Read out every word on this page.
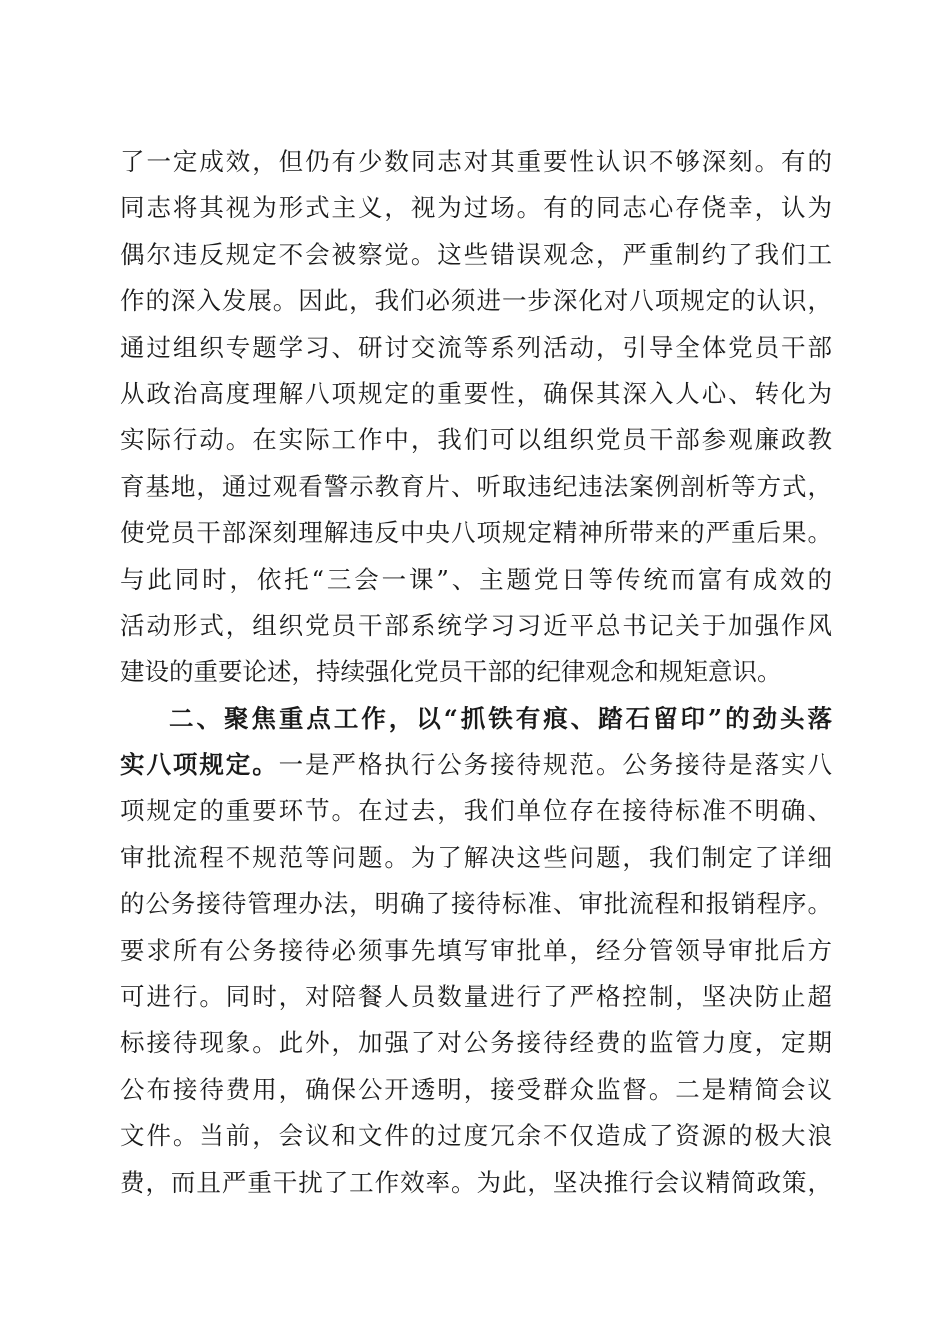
了一定成效，但仍有少数同志对其重要性认识不够深刻。有的
同志将其视为形式主义，视为过场。有的同志心存侥幸，认为
偶尔违反规定不会被察觉。这些错误观念，严重制约了我们工
作的深入发展。因此，我们必须进一步深化对八项规定的认识，
通过组织专题学习、研讨交流等系列活动，引导全体党员干部
从政治高度理解八项规定的重要性，确保其深入人心、转化为
实际行动。在实际工作中，我们可以组织党员干部参观廉政教
育基地，通过观看警示教育片、听取违纪违法案例剖析等方式，
使党员干部深刻理解违反中央八项规定精神所带来的严重后果。
与此同时，依托“三会一课”、主题党日等传统而富有成效的
活动形式，组织党员干部系统学习习近平总书记关于加强作风
建设的重要论述，持续强化党员干部的纪律观念和规矩意识。
二、聚焦重点工作，以“抓铁有痕、踏石留印”的劲头落
实八项规定。一是严格执行公务接待规范。公务接待是落实八
项规定的重要环节。在过去，我们单位存在接待标准不明确、
审批流程不规范等问题。为了解决这些问题，我们制定了详细
的公务接待管理办法，明确了接待标准、审批流程和报销程序。
要求所有公务接待必须事先填写审批单，经分管领导审批后方
可进行。同时，对陪餐人员数量进行了严格控制，坚决防止超
标接待现象。此外，加强了对公务接待经费的监管力度，定期
公布接待费用，确保公开透明，接受群众监督。二是精简会议
文件。当前，会议和文件的过度冗余不仅造成了资源的极大浪
费，而且严重干扰了工作效率。为此，坚决推行会议精简政策，
